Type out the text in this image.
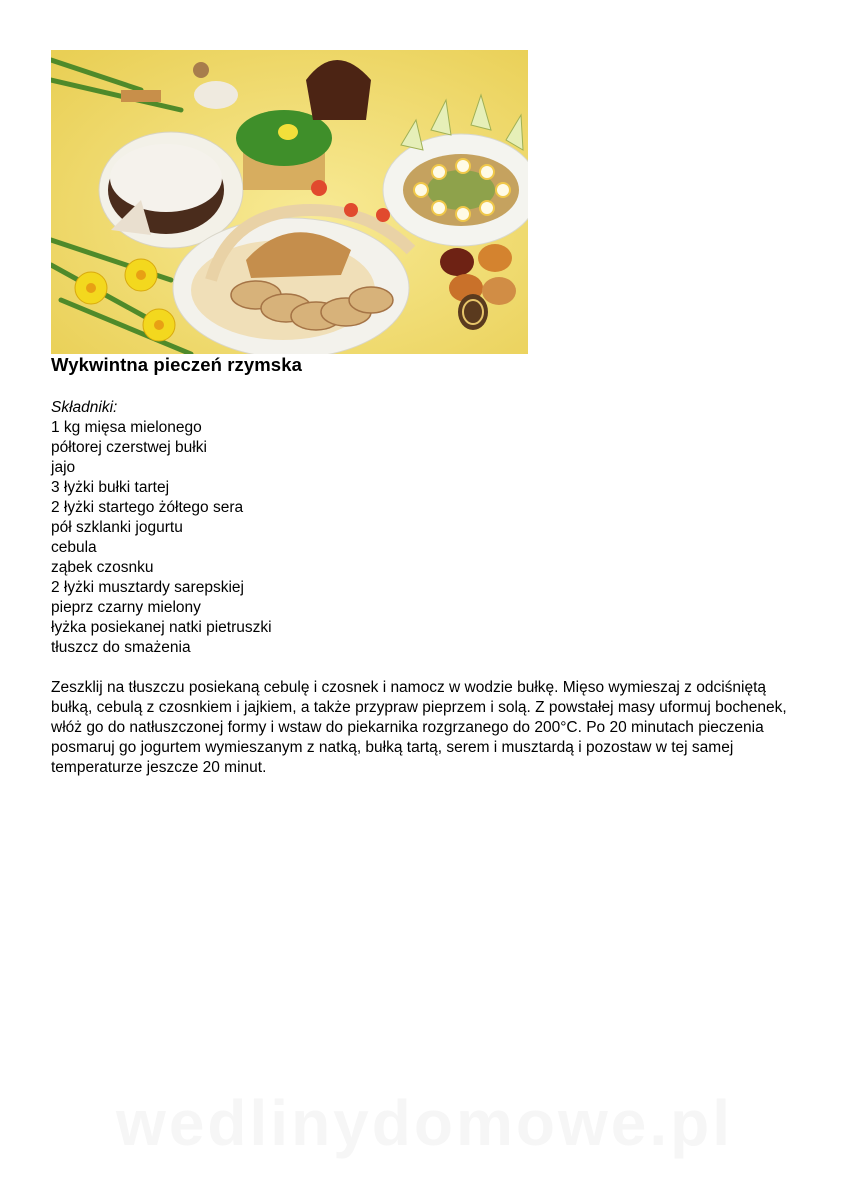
Wykwintna pieczeń rzymska
Składniki:
1 kg mięsa mielonego
półtorej czerstwej bułki
jajo
3 łyżki bułki tartej
2 łyżki startego żółtego sera
pół szklanki jogurtu
cebula
ząbek czosnku
2 łyżki musztardy sarepskiej
pieprz czarny mielony
łyżka posiekanej natki pietruszki
tłuszcz do smażenia

Zeszklij na tłuszczu posiekaną cebulę i czosnek i namocz w wodzie bułkę. Mięso wymieszaj z odciśniętą bułką, cebulą z czosnkiem i jajkiem, a także przypraw pieprzem i solą. Z powstałej masy uformuj bochenek, włóż go do natłuszczonej formy i wstaw do piekarnika rozgrzanego do 200°C. Po 20 minutach pieczenia posmaruj go jogurtem wymieszanym z natką, bułką tartą, serem i musztardą i pozostaw w tej samej temperaturze jeszcze 20 minut.

wedlinydomowe.pl
